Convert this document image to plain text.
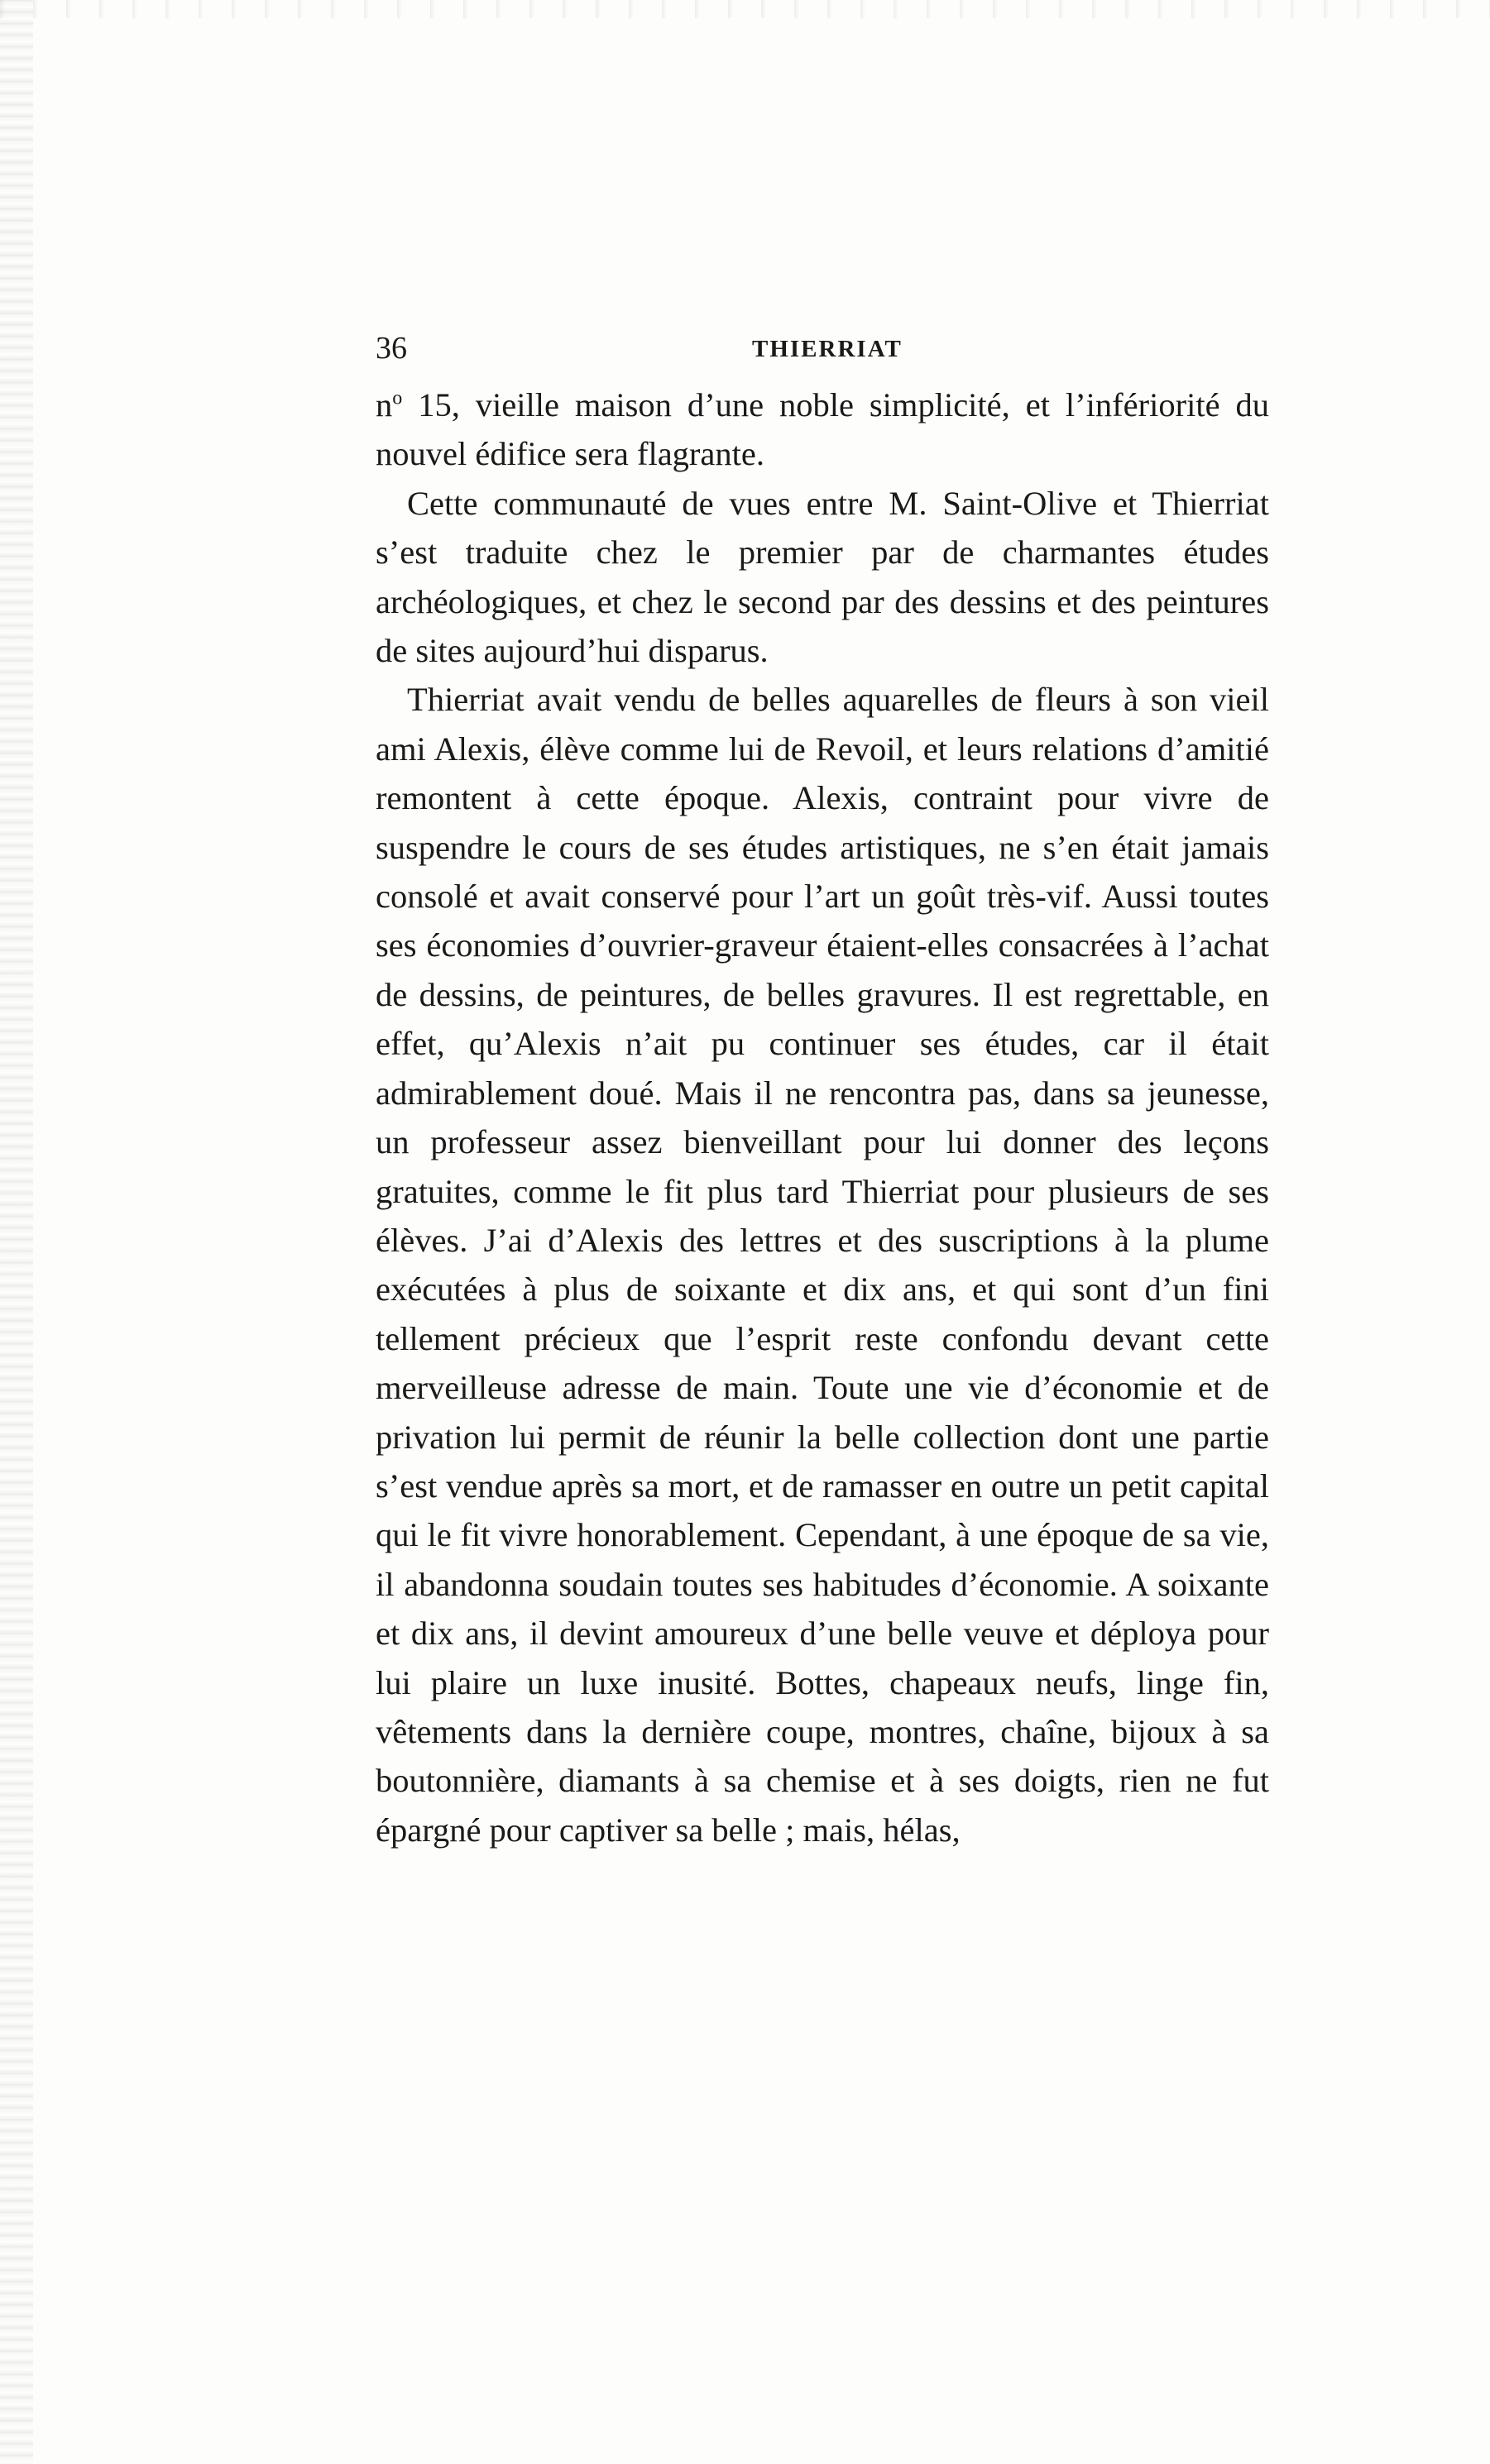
36	THIERRIAT

$n^o$ 15, vieille maison d’une noble simplicité, et l’infériorité du nouvel édifice sera flagrante.

Cette communauté de vues entre M. Saint-Olive et Thierriat s’est traduite chez le premier par de charmantes études archéologiques, et chez le second par des dessins et des peintures de sites aujourd’hui disparus.

Thierriat avait vendu de belles aquarelles de fleurs à son vieil ami Alexis, élève comme lui de Revoil, et leurs relations d’amitié remontent à cette époque. Alexis, contraint pour vivre de suspendre le cours de ses études artistiques, ne s’en était jamais consolé et avait conservé pour l’art un goût très-vif. Aussi toutes ses économies d’ouvrier-graveur étaient-elles consacrées à l’achat de dessins, de peintures, de belles gravures. Il est regrettable, en effet, qu’Alexis n’ait pu continuer ses études, car il était admirablement doué. Mais il ne rencontra pas, dans sa jeunesse, un professeur assez bienveillant pour lui donner des leçons gratuites, comme le fit plus tard Thierriat pour plusieurs de ses élèves. J’ai d’Alexis des lettres et des suscriptions à la plume exécutées à plus de soixante et dix ans, et qui sont d’un fini tellement précieux que l’esprit reste confondu devant cette merveilleuse adresse de main. Toute une vie d’économie et de privation lui permit de réunir la belle collection dont une partie s’est vendue après sa mort, et de ramasser en outre un petit capital qui le fit vivre honorablement. Cependant, à une époque de sa vie, il abandonna soudain toutes ses habitudes d’économie. A soixante et dix ans, il devint amoureux d’une belle veuve et déploya pour lui plaire un luxe inusité. Bottes, chapeaux neufs, linge fin, vêtements dans la dernière coupe, montres, chaîne, bijoux à sa boutonnière, diamants à sa chemise et à ses doigts, rien ne fut épargné pour captiver sa belle ; mais, hélas,
